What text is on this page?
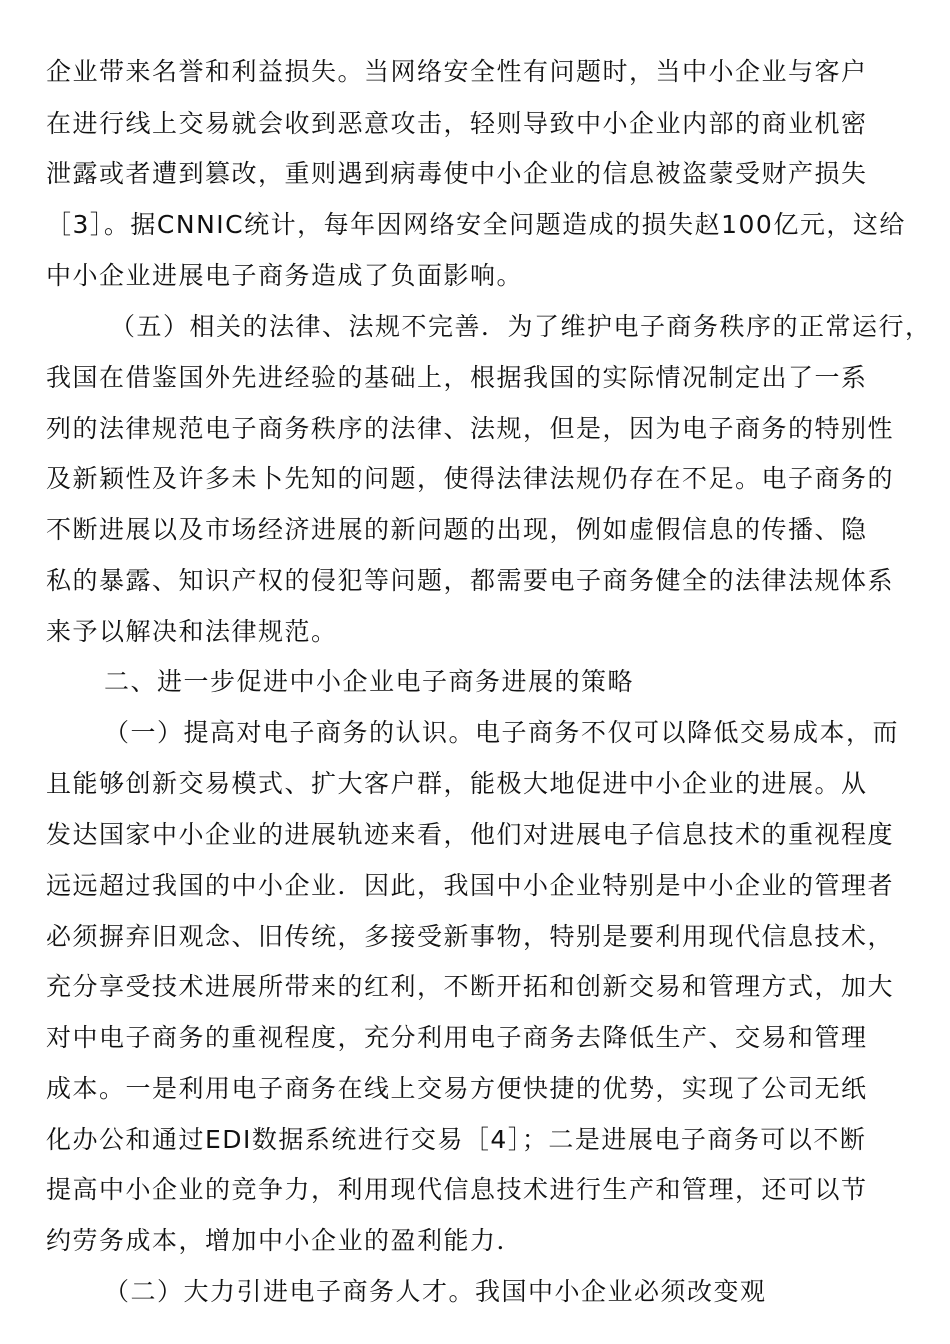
企业带来名誉和利益损失。当网络安全性有问题时，当中小企业与客户
在进行线上交易就会收到恶意攻击，轻则导致中小企业内部的商业机密
泄露或者遭到篡改，重则遇到病毒使中小企业的信息被盗蒙受财产损失
［3］。据CNNIC统计，每年因网络安全问题造成的损失赵100亿元，这给
中小企业进展电子商务造成了负面影响。
（五）相关的法律、法规不完善．为了维护电子商务秩序的正常运行，
我国在借鉴国外先进经验的基础上，根据我国的实际情况制定出了一系
列的法律规范电子商务秩序的法律、法规，但是，因为电子商务的特别性
及新颖性及许多未卜先知的问题，使得法律法规仍存在不足。电子商务的
不断进展以及市场经济进展的新问题的出现，例如虚假信息的传播、隐
私的暴露、知识产权的侵犯等问题，都需要电子商务健全的法律法规体系
来予以解决和法律规范。
二、进一步促进中小企业电子商务进展的策略
（一）提高对电子商务的认识。电子商务不仅可以降低交易成本，而
且能够创新交易模式、扩大客户群，能极大地促进中小企业的进展。从
发达国家中小企业的进展轨迹来看，他们对进展电子信息技术的重视程度
远远超过我国的中小企业．因此，我国中小企业特别是中小企业的管理者
必须摒弃旧观念、旧传统，多接受新事物，特别是要利用现代信息技术，
充分享受技术进展所带来的红利，不断开拓和创新交易和管理方式，加大
对中电子商务的重视程度，充分利用电子商务去降低生产、交易和管理
成本。一是利用电子商务在线上交易方便快捷的优势，实现了公司无纸
化办公和通过EDI数据系统进行交易［4］；二是进展电子商务可以不断
提高中小企业的竞争力，利用现代信息技术进行生产和管理，还可以节
约劳务成本，增加中小企业的盈利能力．
（二）大力引进电子商务人才。我国中小企业必须改变观
